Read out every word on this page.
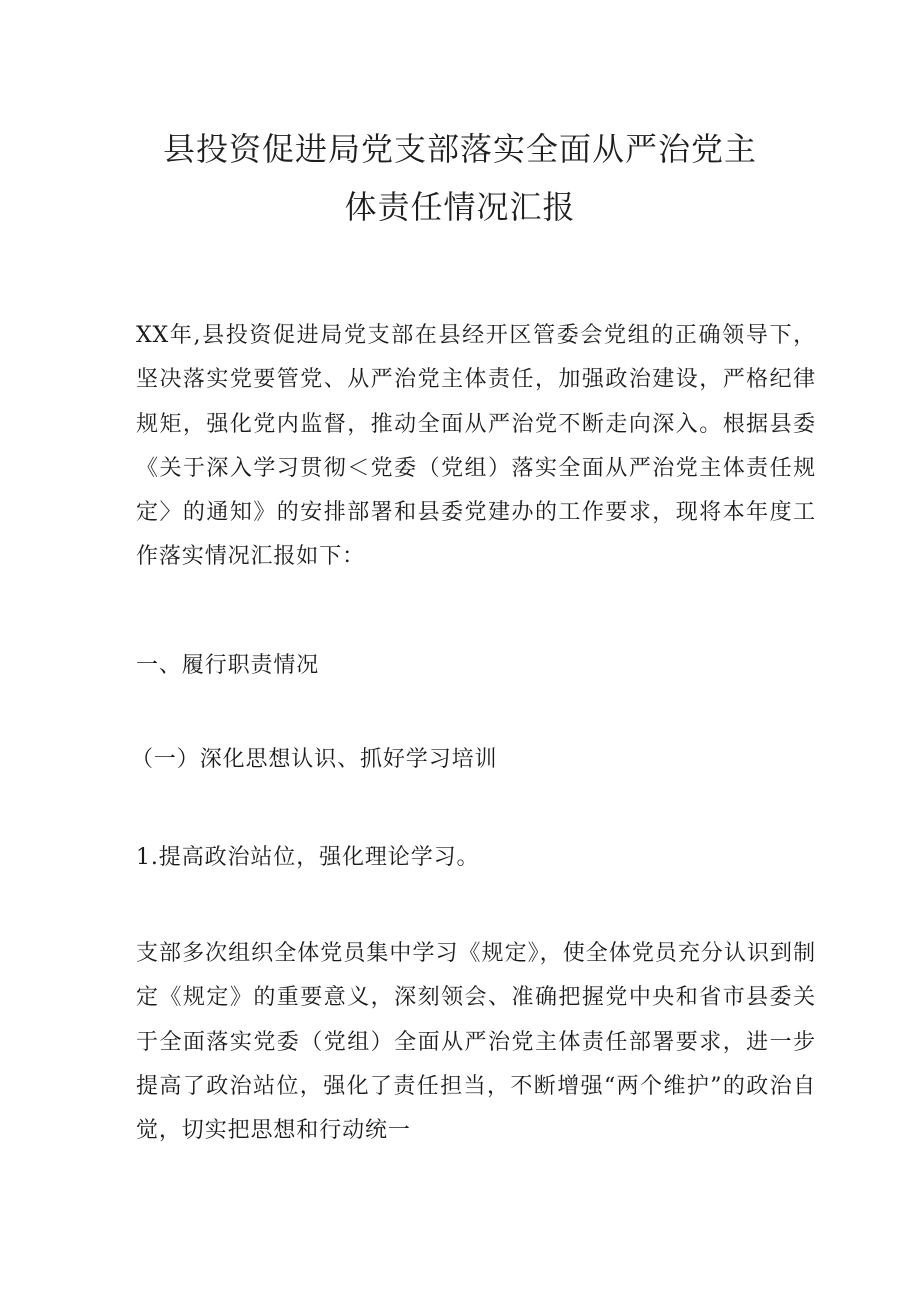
县投资促进局党支部落实全面从严治党主
体责任情况汇报

XX年,县投资促进局党支部在县经开区管委会党组的正确领导下，坚决落实党要管党、从严治党主体责任，加强政治建设，严格纪律规矩，强化党内监督，推动全面从严治党不断走向深入。根据县委《关于深入学习贯彻＜党委（党组）落实全面从严治党主体责任规定〉的通知》的安排部署和县委党建办的工作要求，现将本年度工作落实情况汇报如下：

一、履行职责情况

（一）深化思想认识、抓好学习培训

1.提高政治站位，强化理论学习。

支部多次组织全体党员集中学习《规定》，使全体党员充分认识到制定《规定》的重要意义，深刻领会、准确把握党中央和省市县委关于全面落实党委（党组）全面从严治党主体责任部署要求，进一步提高了政治站位，强化了责任担当，不断增强“两个维护”的政治自觉，切实把思想和行动统一
